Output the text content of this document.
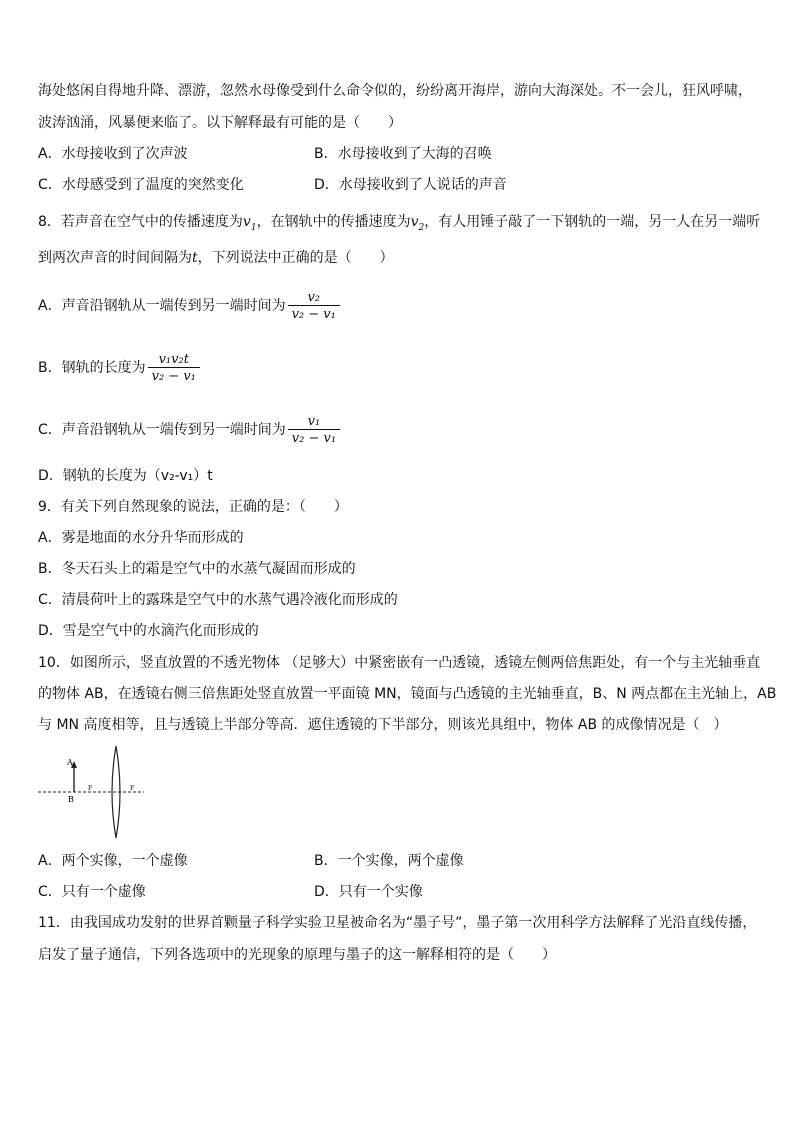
海处悠闲自得地升降、漂游，忽然水母像受到什么命令似的，纷纷离开海岸，游向大海深处。不一会儿，狂风呼啸，
波涛汹涌，风暴便来临了。以下解释最有可能的是（　　）
A．水母接收到了次声波	B．水母接收到了大海的召唤
C．水母感受到了温度的突然变化	D．水母接收到了人说话的声音
8．若声音在空气中的传播速度为$v_1$，在钢轨中的传播速度为$v_2$，有人用锤子敲了一下钢轨的一端，另一人在另一端听
到两次声音的时间间隔为t，下列说法中正确的是（　　）
A．声音沿钢轨从一端传到另一端时间为 $\frac{\text{v₂}}{\text{v₂ − v₁}}$
B．钢轨的长度为 $\frac{\text{v₁v₂t}}{\text{v₂ − v₁}}$
C．声音沿钢轨从一端传到另一端时间为 $\frac{\text{v₁}}{\text{v₂ − v₁}}$
D．钢轨的长度为（v₂-v₁）t
9．有关下列自然现象的说法，正确的是：（　　）
A．雾是地面的水分升华而形成的
B．冬天石头上的霜是空气中的水蒸气凝固而形成的
C．清晨荷叶上的露珠是空气中的水蒸气遇冷液化而形成的
D．雪是空气中的水滴汽化而形成的
10．如图所示，竖直放置的不透光物体 （足够大）中紧密嵌有一凸透镜，透镜左侧两倍焦距处，有一个与主光轴垂直
的物体 AB，在透镜右侧三倍焦距处竖直放置一平面镜 MN，镜面与凸透镜的主光轴垂直，B、N 两点都在主光轴上，AB
与 MN 高度相等，且与透镜上半部分等高．遮住透镜的下半部分，则该光具组中，物体 AB 的成像情况是（　）
A
B
F	F
A．两个实像，一个虚像	B．一个实像，两个虚像
C．只有一个虚像	D．只有一个实像
11．由我国成功发射的世界首颗量子科学实验卫星被命名为“墨子号”，墨子第一次用科学方法解释了光沿直线传播，
启发了量子通信，下列各选项中的光现象的原理与墨子的这一解释相符的是（　　）
